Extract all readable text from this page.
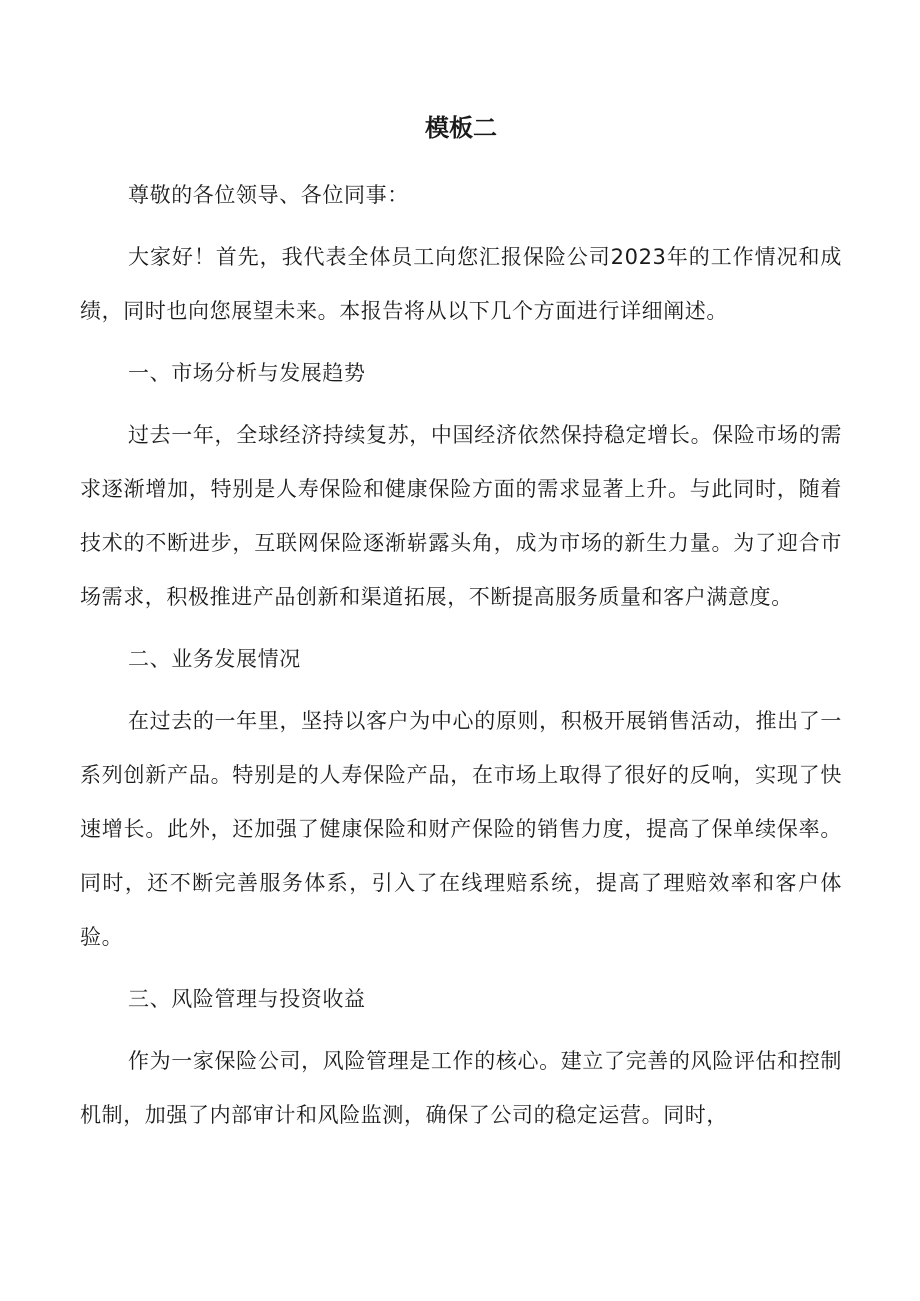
模板二

尊敬的各位领导、各位同事：

大家好！首先，我代表全体员工向您汇报保险公司2023年的工作情况和成绩，同时也向您展望未来。本报告将从以下几个方面进行详细阐述。

一、市场分析与发展趋势

过去一年，全球经济持续复苏，中国经济依然保持稳定增长。保险市场的需求逐渐增加，特别是人寿保险和健康保险方面的需求显著上升。与此同时，随着技术的不断进步，互联网保险逐渐崭露头角，成为市场的新生力量。为了迎合市场需求，积极推进产品创新和渠道拓展，不断提高服务质量和客户满意度。

二、业务发展情况

在过去的一年里，坚持以客户为中心的原则，积极开展销售活动，推出了一系列创新产品。特别是的人寿保险产品，在市场上取得了很好的反响，实现了快速增长。此外，还加强了健康保险和财产保险的销售力度，提高了保单续保率。同时，还不断完善服务体系，引入了在线理赔系统，提高了理赔效率和客户体验。

三、风险管理与投资收益

作为一家保险公司，风险管理是工作的核心。建立了完善的风险评估和控制机制，加强了内部审计和风险监测，确保了公司的稳定运营。同时，
